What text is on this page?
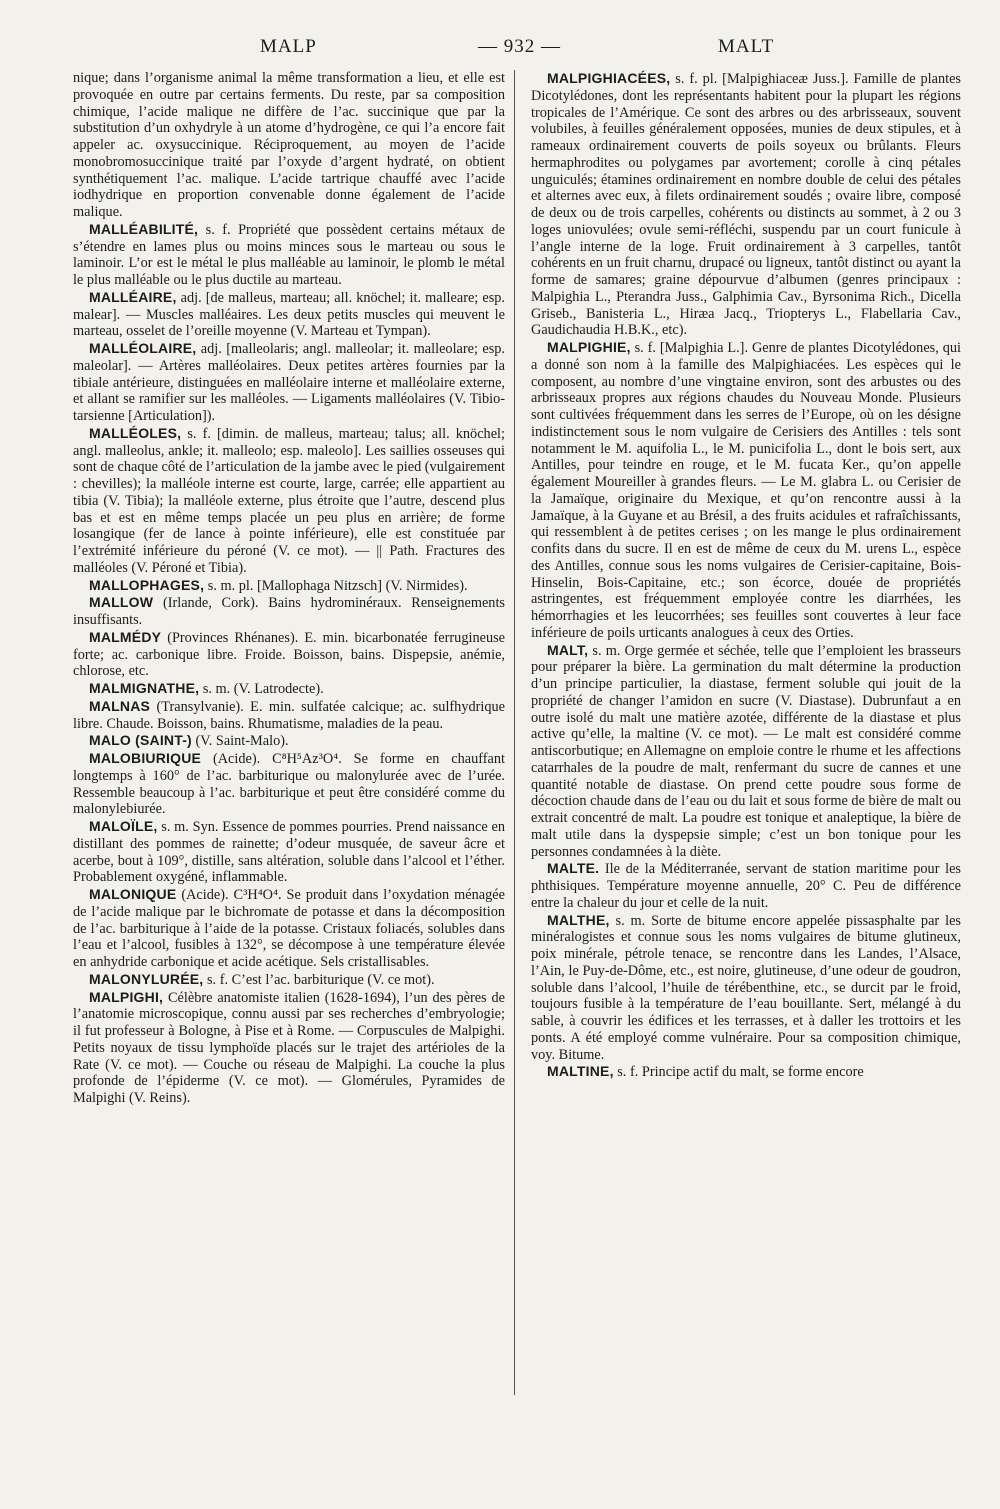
MALP	— 932 —	MALT

nique; dans l’organisme animal la même transformation a lieu, et elle est provoquée en outre par certains ferments. Du reste, par sa composition chimique, l’acide malique ne diffère de l’ac. succinique que par la substitution d’un oxhydryle à un atome d’hydrogène, ce qui l’a encore fait appeler ac. oxysuccinique. Réciproquement, au moyen de l’acide monobromosuccinique traité par l’oxyde d’argent hydraté, on obtient synthétiquement l’ac. malique. L’acide tartrique chauffé avec l’acide iodhydrique en proportion convenable donne également de l’acide malique.

MALLÉABILITÉ, s. f. Propriété que possèdent certains métaux de s’étendre en lames plus ou moins minces sous le marteau ou sous le laminoir. L’or est le métal le plus malléable au laminoir, le plomb le métal le plus malléable ou le plus ductile au marteau.

MALLÉAIRE, adj. [de malleus, marteau; all. knöchel; it. malleare; esp. malear]. — Muscles malléaires. Les deux petits muscles qui meuvent le marteau, osselet de l’oreille moyenne (V. Marteau et Tympan).

MALLÉOLAIRE, adj. [malleolaris; angl. malleolar; it. malleolare; esp. maleolar]. — Artères malléolaires. Deux petites artères fournies par la tibiale antérieure, distinguées en malléolaire interne et malléolaire externe, et allant se ramifier sur les malléoles. — Ligaments malléolaires (V. Tibio-tarsienne [Articulation]).

MALLÉOLES, s. f. [dimin. de malleus, marteau; talus; all. knöchel; angl. malleolus, ankle; it. malleolo; esp. maleolo]. Les saillies osseuses qui sont de chaque côté de l’articulation de la jambe avec le pied (vulgairement : chevilles); la malléole interne est courte, large, carrée; elle appartient au tibia (V. Tibia); la malléole externe, plus étroite que l’autre, descend plus bas et est en même temps placée un peu plus en arrière; de forme losangique (fer de lance à pointe inférieure), elle est constituée par l’extrémité inférieure du péroné (V. ce mot). — || Path. Fractures des malléoles (V. Péroné et Tibia).

MALLOPHAGES, s. m. pl. [Mallophaga Nitzsch] (V. Nirmides).

MALLOW (Irlande, Cork). Bains hydrominéraux. Renseignements insuffisants.

MALMÉDY (Provinces Rhénanes). E. min. bicarbonatée ferrugineuse forte; ac. carbonique libre. Froide. Boisson, bains. Dispepsie, anémie, chlorose, etc.

MALMIGNATHE, s. m. (V. Latrodecte).

MALNAS (Transylvanie). E. min. sulfatée calcique; ac. sulfhydrique libre. Chaude. Boisson, bains. Rhumatisme, maladies de la peau.

MALO (SAINT-) (V. Saint-Malo).

MALOBIURIQUE (Acide). C⁸H⁵Az³O⁴. Se forme en chauffant longtemps à 160° de l’ac. barbiturique ou malonylurée avec de l’urée. Ressemble beaucoup à l’ac. barbiturique et peut être considéré comme du malonylebiurée.

MALOÏLE, s. m. Syn. Essence de pommes pourries. Prend naissance en distillant des pommes de rainette; d’odeur musquée, de saveur âcre et acerbe, bout à 109°, distille, sans altération, soluble dans l’alcool et l’éther. Probablement oxygéné, inflammable.

MALONIQUE (Acide). C³H⁴O⁴. Se produit dans l’oxydation ménagée de l’acide malique par le bichromate de potasse et dans la décomposition de l’ac. barbiturique à l’aide de la potasse. Cristaux foliacés, solubles dans l’eau et l’alcool, fusibles à 132°, se décompose à une température élevée en anhydride carbonique et acide acétique. Sels cristallisables.

MALONYLURÉE, s. f. C’est l’ac. barbiturique (V. ce mot).

MALPIGHI, Célèbre anatomiste italien (1628-1694), l’un des pères de l’anatomie microscopique, connu aussi par ses recherches d’embryologie; il fut professeur à Bologne, à Pise et à Rome. — Corpuscules de Malpighi. Petits noyaux de tissu lymphoïde placés sur le trajet des artérioles de la Rate (V. ce mot). — Couche ou réseau de Malpighi. La couche la plus profonde de l’épiderme (V. ce mot). — Glomérules, Pyramides de Malpighi (V. Reins).

MALPIGHIACÉES, s. f. pl. [Malpighiaceæ Juss.]. Famille de plantes Dicotylédones, dont les représentants habitent pour la plupart les régions tropicales de l’Amérique. Ce sont des arbres ou des arbrisseaux, souvent volubiles, à feuilles généralement opposées, munies de deux stipules, et à rameaux ordinairement couverts de poils soyeux ou brûlants. Fleurs hermaphrodites ou polygames par avortement; corolle à cinq pétales unguiculés; étamines ordinairement en nombre double de celui des pétales et alternes avec eux, à filets ordinairement soudés ; ovaire libre, composé de deux ou de trois carpelles, cohérents ou distincts au sommet, à 2 ou 3 loges uniovulées; ovule semi-réfléchi, suspendu par un court funicule à l’angle interne de la loge. Fruit ordinairement à 3 carpelles, tantôt cohérents en un fruit charnu, drupacé ou ligneux, tantôt distinct ou ayant la forme de samares; graine dépourvue d’albumen (genres principaux : Malpighia L., Pterandra Juss., Galphimia Cav., Byrsonima Rich., Dicella Griseb., Banisteria L., Hiræa Jacq., Triopterys L., Flabellaria Cav., Gaudichaudia H.B.K., etc).

MALPIGHIE, s. f. [Malpighia L.]. Genre de plantes Dicotylédones, qui a donné son nom à la famille des Malpighiacées. Les espèces qui le composent, au nombre d’une vingtaine environ, sont des arbustes ou des arbrisseaux propres aux régions chaudes du Nouveau Monde. Plusieurs sont cultivées fréquemment dans les serres de l’Europe, où on les désigne indistinctement sous le nom vulgaire de Cerisiers des Antilles : tels sont notamment le M. aquifolia L., le M. punicifolia L., dont le bois sert, aux Antilles, pour teindre en rouge, et le M. fucata Ker., qu’on appelle également Moureiller à grandes fleurs. — Le M. glabra L. ou Cerisier de la Jamaïque, originaire du Mexique, et qu’on rencontre aussi à la Jamaïque, à la Guyane et au Brésil, a des fruits acidules et rafraîchissants, qui ressemblent à de petites cerises ; on les mange le plus ordinairement confits dans du sucre. Il en est de même de ceux du M. urens L., espèce des Antilles, connue sous les noms vulgaires de Cerisier-capitaine, Bois-Hinselin, Bois-Capitaine, etc.; son écorce, douée de propriétés astringentes, est fréquemment employée contre les diarrhées, les hémorrhagies et les leucorrhées; ses feuilles sont couvertes à leur face inférieure de poils urticants analogues à ceux des Orties.

MALT, s. m. Orge germée et séchée, telle que l’emploient les brasseurs pour préparer la bière. La germination du malt détermine la production d’un principe particulier, la diastase, ferment soluble qui jouit de la propriété de changer l’amidon en sucre (V. Diastase). Dubrunfaut a en outre isolé du malt une matière azotée, différente de la diastase et plus active qu’elle, la maltine (V. ce mot). — Le malt est considéré comme antiscorbutique; en Allemagne on emploie contre le rhume et les affections catarrhales de la poudre de malt, renfermant du sucre de cannes et une quantité notable de diastase. On prend cette poudre sous forme de décoction chaude dans de l’eau ou du lait et sous forme de bière de malt ou extrait concentré de malt. La poudre est tonique et analeptique, la bière de malt utile dans la dyspepsie simple; c’est un bon tonique pour les personnes condamnées à la diète.

MALTE. Ile de la Méditerranée, servant de station maritime pour les phthisiques. Température moyenne annuelle, 20° C. Peu de différence entre la chaleur du jour et celle de la nuit.

MALTHE, s. m. Sorte de bitume encore appelée pissasphalte par les minéralogistes et connue sous les noms vulgaires de bitume glutineux, poix minérale, pétrole tenace, se rencontre dans les Landes, l’Alsace, l’Ain, le Puy-de-Dôme, etc., est noire, glutineuse, d’une odeur de goudron, soluble dans l’alcool, l’huile de térébenthine, etc., se durcit par le froid, toujours fusible à la température de l’eau bouillante. Sert, mélangé à du sable, à couvrir les édifices et les terrasses, et à daller les trottoirs et les ponts. A été employé comme vulnéraire. Pour sa composition chimique, voy. Bitume.

MALTINE, s. f. Principe actif du malt, se forme encore
